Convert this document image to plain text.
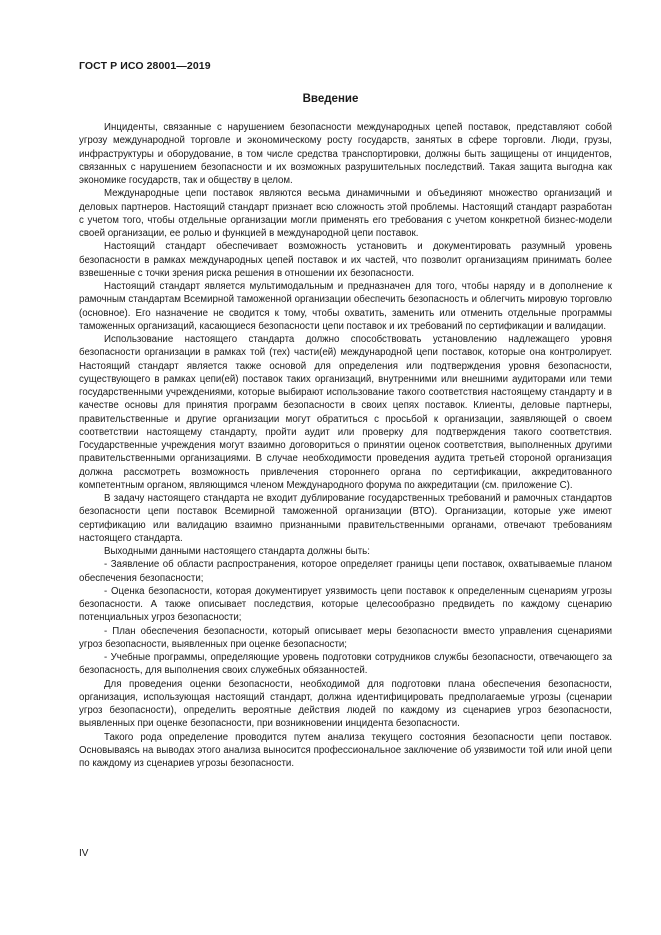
ГОСТ Р ИСО 28001—2019
Введение

Инциденты, связанные с нарушением безопасности международных цепей поставок, представляют собой угрозу международной торговле и экономическому росту государств, занятых в сфере торговли. Люди, грузы, инфраструктуры и оборудование, в том числе средства транспортировки, должны быть защищены от инцидентов, связанных с нарушением безопасности и их возможных разрушительных последствий. Такая защита выгодна как экономике государств, так и обществу в целом.

Международные цепи поставок являются весьма динамичными и объединяют множество организаций и деловых партнеров. Настоящий стандарт признает всю сложность этой проблемы. Настоящий стандарт разработан с учетом того, чтобы отдельные организации могли применять его требования с учетом конкретной бизнес-модели своей организации, ее ролью и функцией в международной цепи поставок.

Настоящий стандарт обеспечивает возможность установить и документировать разумный уровень безопасности в рамках международных цепей поставок и их частей, что позволит организациям принимать более взвешенные с точки зрения риска решения в отношении их безопасности.

Настоящий стандарт является мультимодальным и предназначен для того, чтобы наряду и в дополнение к рамочным стандартам Всемирной таможенной организации обеспечить безопасность и облегчить мировую торговлю (основное). Его назначение не сводится к тому, чтобы охватить, заменить или отменить отдельные программы таможенных организаций, касающиеся безопасности цепи поставок и их требований по сертификации и валидации.

Использование настоящего стандарта должно способствовать установлению надлежащего уровня безопасности организации в рамках той (тех) части(ей) международной цепи поставок, которые она контролирует. Настоящий стандарт является также основой для определения или подтверждения уровня безопасности, существующего в рамках цепи(ей) поставок таких организаций, внутренними или внешними аудиторами или теми государственными учреждениями, которые выбирают использование такого соответствия настоящему стандарту и в качестве основы для принятия программ безопасности в своих цепях поставок. Клиенты, деловые партнеры, правительственные и другие организации могут обратиться с просьбой к организации, заявляющей о своем соответствии настоящему стандарту, пройти аудит или проверку для подтверждения такого соответствия. Государственные учреждения могут взаимно договориться о принятии оценок соответствия, выполненных другими правительственными организациями. В случае необходимости проведения аудита третьей стороной организация должна рассмотреть возможность привлечения стороннего органа по сертификации, аккредитованного компетентным органом, являющимся членом Международного форума по аккредитации (см. приложение С).

В задачу настоящего стандарта не входит дублирование государственных требований и рамочных стандартов безопасности цепи поставок Всемирной таможенной организации (ВТО). Организации, которые уже имеют сертификацию или валидацию взаимно признанными правительственными органами, отвечают требованиям настоящего стандарта.

Выходными данными настоящего стандарта должны быть:

- Заявление об области распространения, которое определяет границы цепи поставок, охватываемые планом обеспечения безопасности;

- Оценка безопасности, которая документирует уязвимость цепи поставок к определенным сценариям угрозы безопасности. А также описывает последствия, которые целесообразно предвидеть по каждому сценарию потенциальных угроз безопасности;

- План обеспечения безопасности, который описывает меры безопасности вместо управления сценариями угроз безопасности, выявленных при оценке безопасности;

- Учебные программы, определяющие уровень подготовки сотрудников службы безопасности, отвечающего за безопасность, для выполнения своих служебных обязанностей.

Для проведения оценки безопасности, необходимой для подготовки плана обеспечения безопасности, организация, использующая настоящий стандарт, должна идентифицировать предполагаемые угрозы (сценарии угроз безопасности), определить вероятные действия людей по каждому из сценариев угроз безопасности, выявленных при оценке безопасности, при возникновении инцидента безопасности.

Такого рода определение проводится путем анализа текущего состояния безопасности цепи поставок. Основываясь на выводах этого анализа выносится профессиональное заключение об уязвимости той или иной цепи по каждому из сценариев угрозы безопасности.

IV
